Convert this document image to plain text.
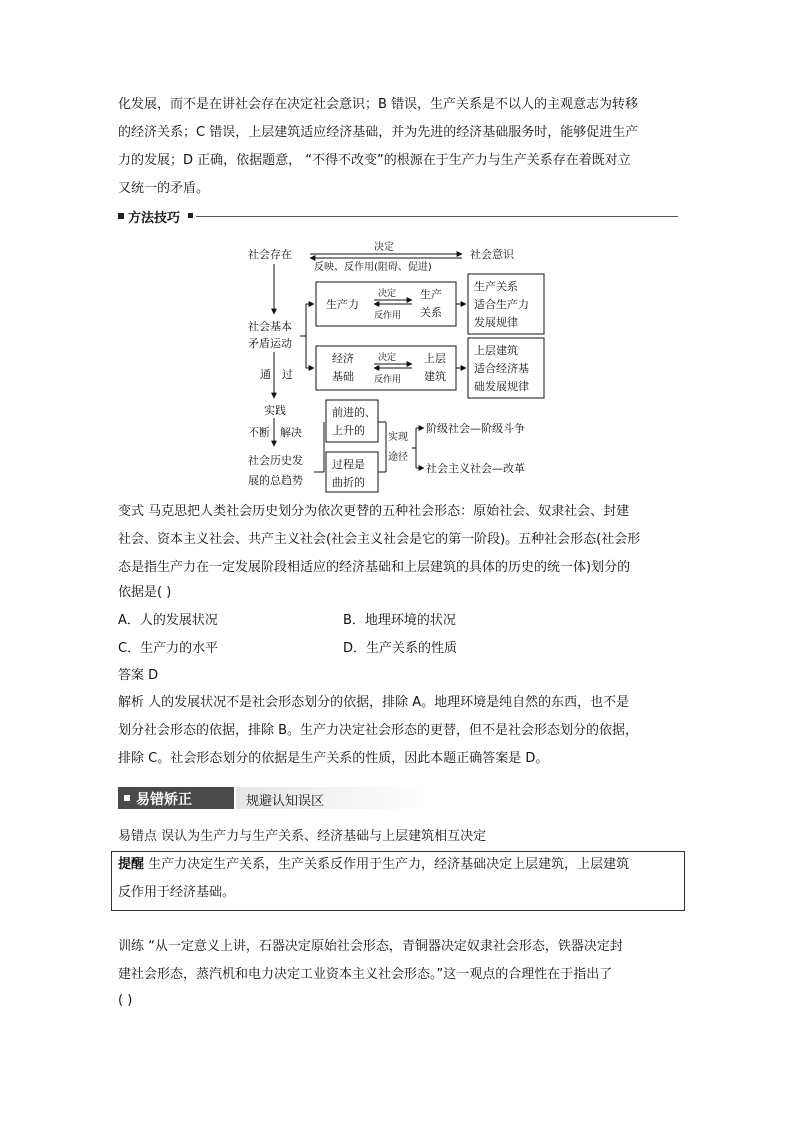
化发展，而不是在讲社会存在决定社会意识；B 错误，生产关系是不以人的主观意志为转移
的经济关系；C 错误，上层建筑适应经济基础，并为先进的经济基础服务时，能够促进生产
力的发展；D 正确，依据题意， “不得不改变”的根源在于生产力与生产关系存在着既对立
又统一的矛盾。
方法技巧
社会存在	社会意识
决定
反映、反作用(阻碍、促进)
社会基本
矛盾运动
生产力
决定
反作用
生产
关系
生产关系
适合生产力
发展规律
经济
基础
决定
反作用
上层
建筑
上层建筑
适合经济基
础发展规律
通 过
实践
不断 解决
前进的、
上升的
社会历史发
展的总趋势
过程是
曲折的
实现
途径
阶级社会—阶级斗争
社会主义社会—改革
变式 马克思把人类社会历史划分为依次更替的五种社会形态：原始社会、奴隶社会、封建
社会、资本主义社会、共产主义社会(社会主义社会是它的第一阶段)。五种社会形态(社会形
态是指生产力在一定发展阶段相适应的经济基础和上层建筑的具体的历史的统一体)划分的
依据是( )
A．人的发展状况	B．地理环境的状况
C．生产力的水平	D．生产关系的性质
答案 D
解析 人的发展状况不是社会形态划分的依据，排除 A。地理环境是纯自然的东西，也不是
划分社会形态的依据，排除 B。生产力决定社会形态的更替，但不是社会形态划分的依据，
排除 C。社会形态划分的依据是生产关系的性质，因此本题正确答案是 D。
易错矫正	规避认知误区
易错点 误认为生产力与生产关系、经济基础与上层建筑相互决定
提醒 生产力决定生产关系，生产关系反作用于生产力，经济基础决定上层建筑，上层建筑
反作用于经济基础。
训练 “从一定意义上讲，石器决定原始社会形态，青铜器决定奴隶社会形态，铁器决定封
建社会形态，蒸汽机和电力决定工业资本主义社会形态。”这一观点的合理性在于指出了
( )
